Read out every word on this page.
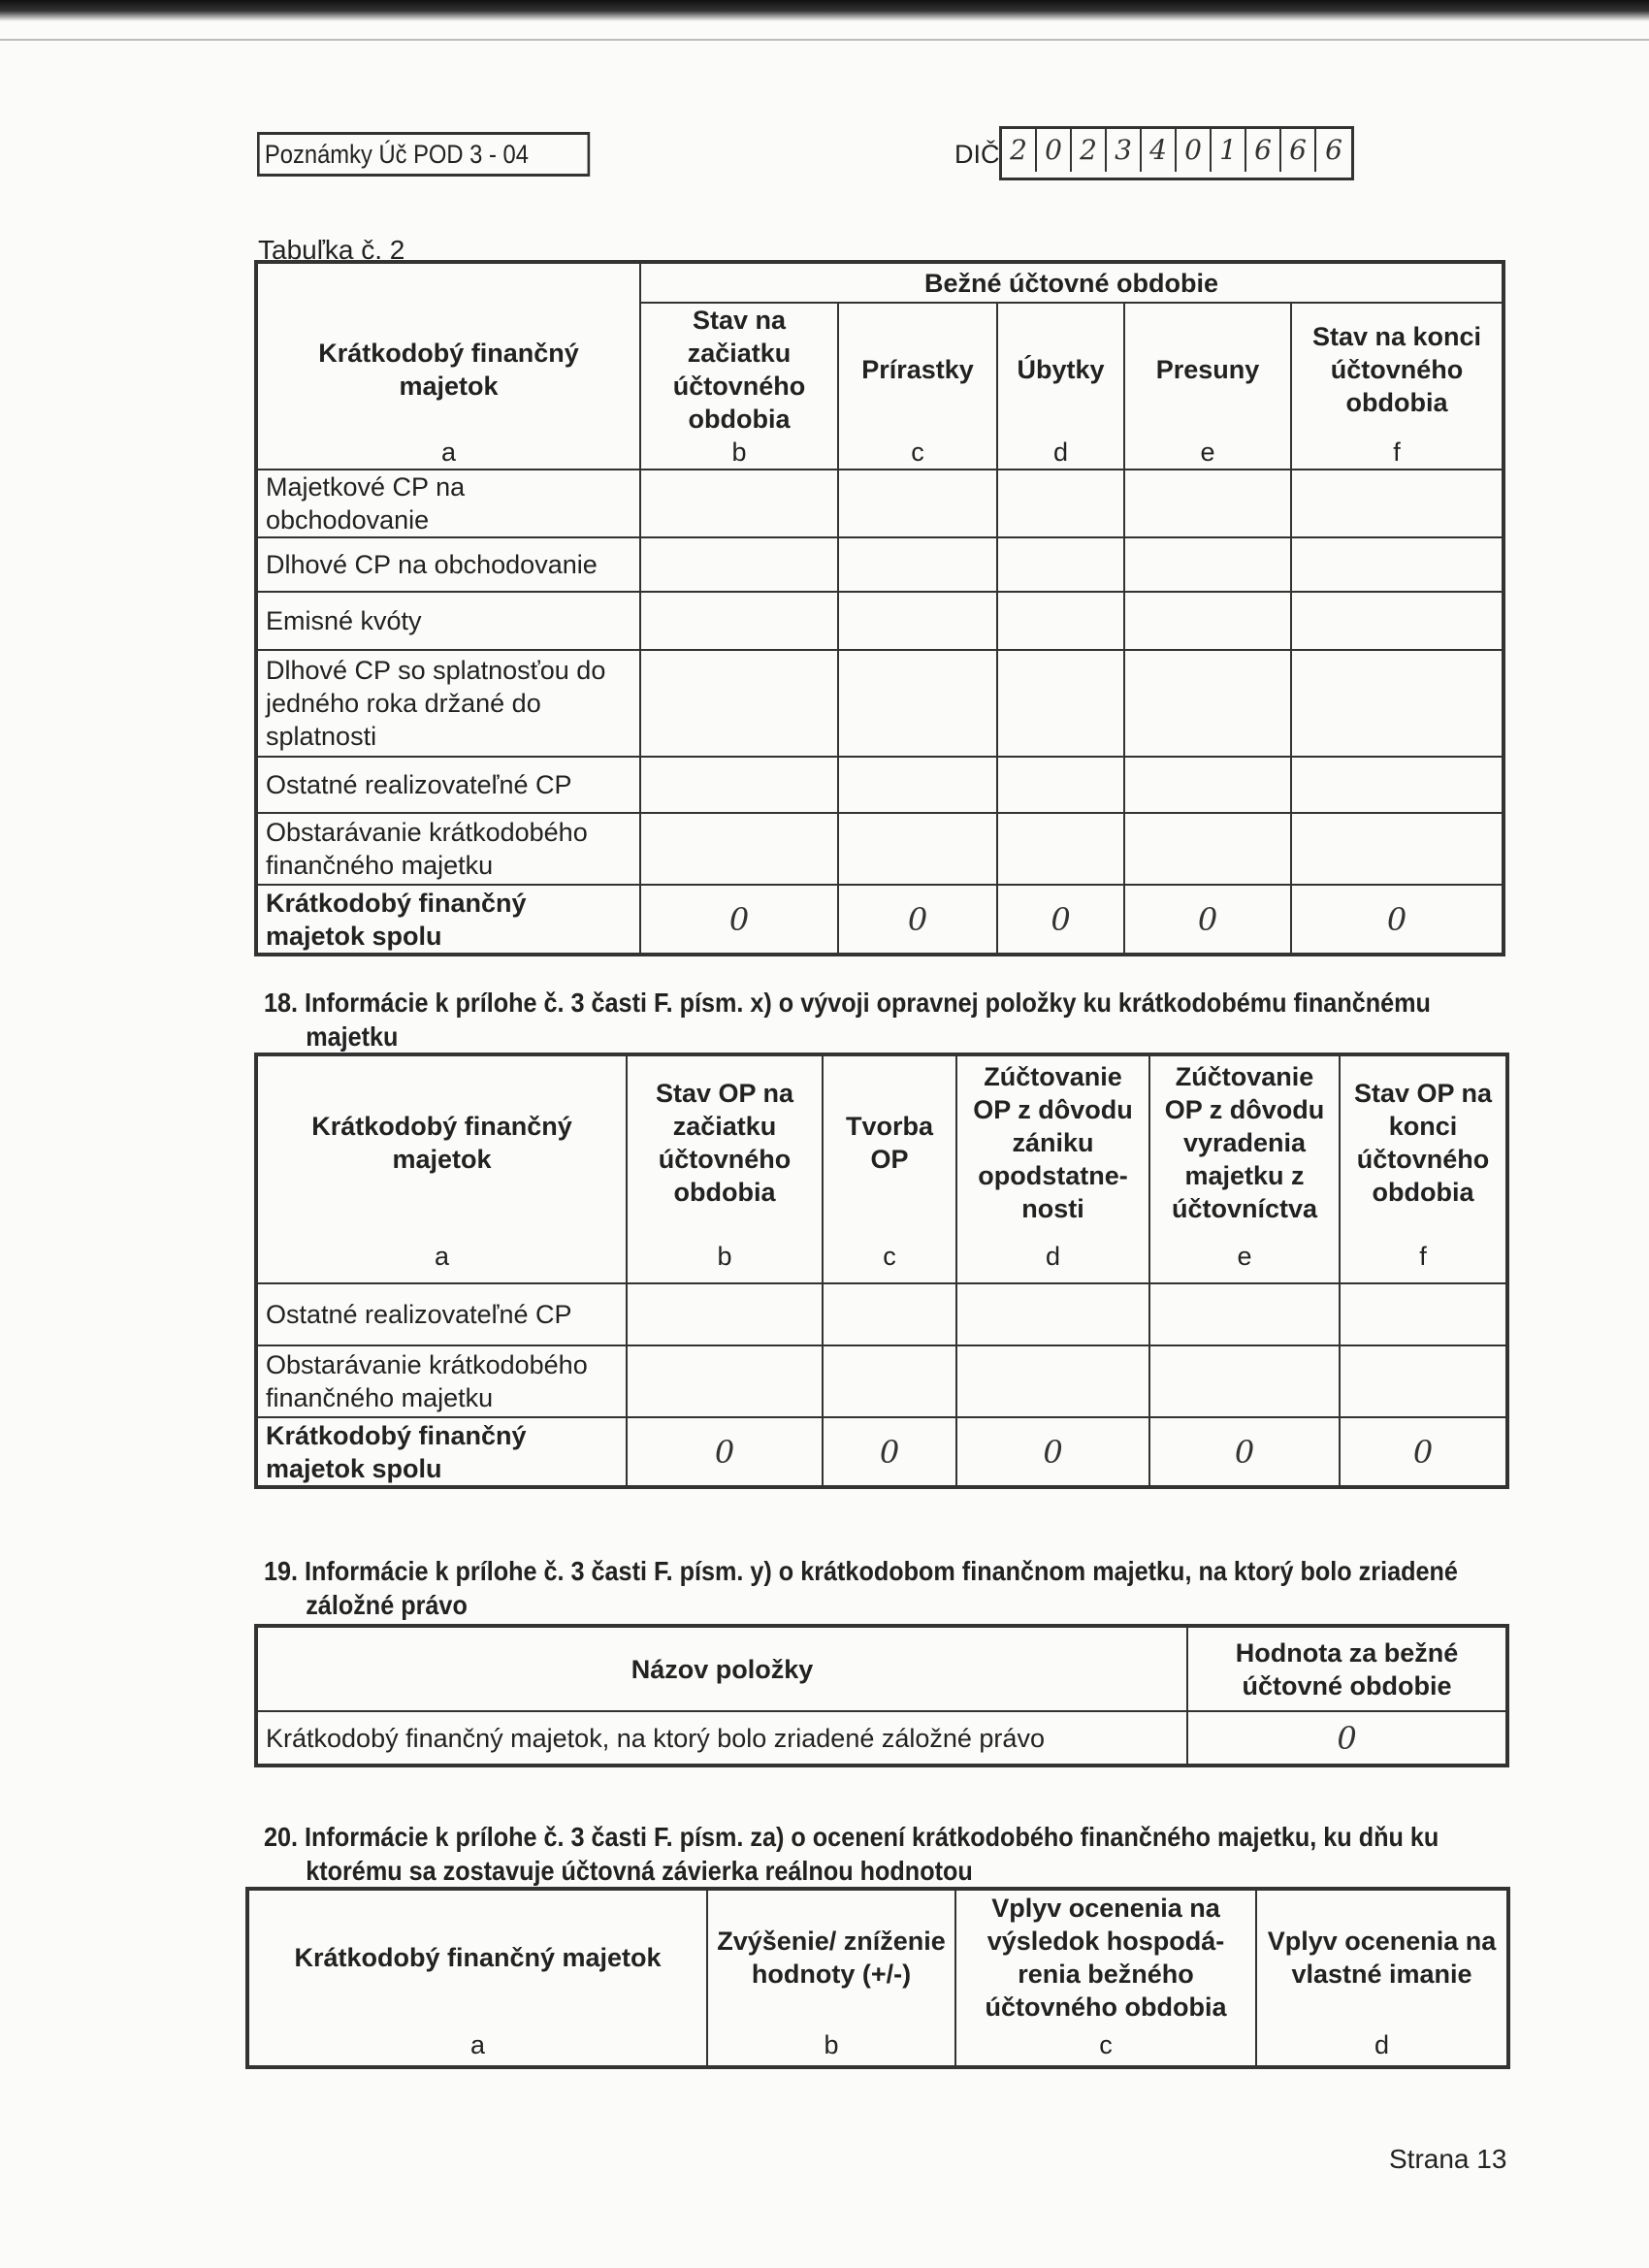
Poznámky Úč POD 3 - 04	DIČ 2 0 2 3 4 0 1 6 6 6
Tabuľka č. 2
Krátkodobý finančný majetok	Bežné účtovné obdobie				
	Stav na začiatku účtovného obdobia	Prírastky	Úbytky	Presuny	Stav na konci účtovného obdobia
a	b	c	d	e	f
Majetkové CP na obchodovanie					
Dlhové CP na obchodovanie					
Emisné kvóty					
Dlhové CP so splatnosťou do jedného roka držané do splatnosti					
Ostatné realizovateľné CP					
Obstarávanie krátkodobého finančného majetku					
Krátkodobý finančný majetok spolu	0	0	0	0	0
18. Informácie k prílohe č. 3 časti F. písm. x) o vývoji opravnej položky ku krátkodobému finančnému
majetku
Krátkodobý finančný majetok	Stav OP na začiatku účtovného obdobia	Tvorba OP	Zúčtovanie OP z dôvodu zániku opodstatne-nosti	Zúčtovanie OP z dôvodu vyradenia majetku z účtovníctva	Stav OP na konci účtovného obdobia
a	b	c	d	e	f
Ostatné realizovateľné CP					
Obstarávanie krátkodobého finančného majetku					
Krátkodobý finančný majetok spolu	0	0	0	0	0
19. Informácie k prílohe č. 3 časti F. písm. y) o krátkodobom finančnom majetku, na ktorý bolo zriadené
záložné právo
Názov položky	Hodnota za bežné účtovné obdobie
Krátkodobý finančný majetok, na ktorý bolo zriadené záložné právo	0
20. Informácie k prílohe č. 3 časti F. písm. za) o ocenení krátkodobého finančného majetku, ku dňu ku
ktorému sa zostavuje účtovná závierka reálnou hodnotou
Krátkodobý finančný majetok	Zvýšenie/ zníženie hodnoty (+/-)	Vplyv ocenenia na výsledok hospodá-renia bežného účtovného obdobia	Vplyv ocenenia na vlastné imanie
a	b	c	d
Strana 13
